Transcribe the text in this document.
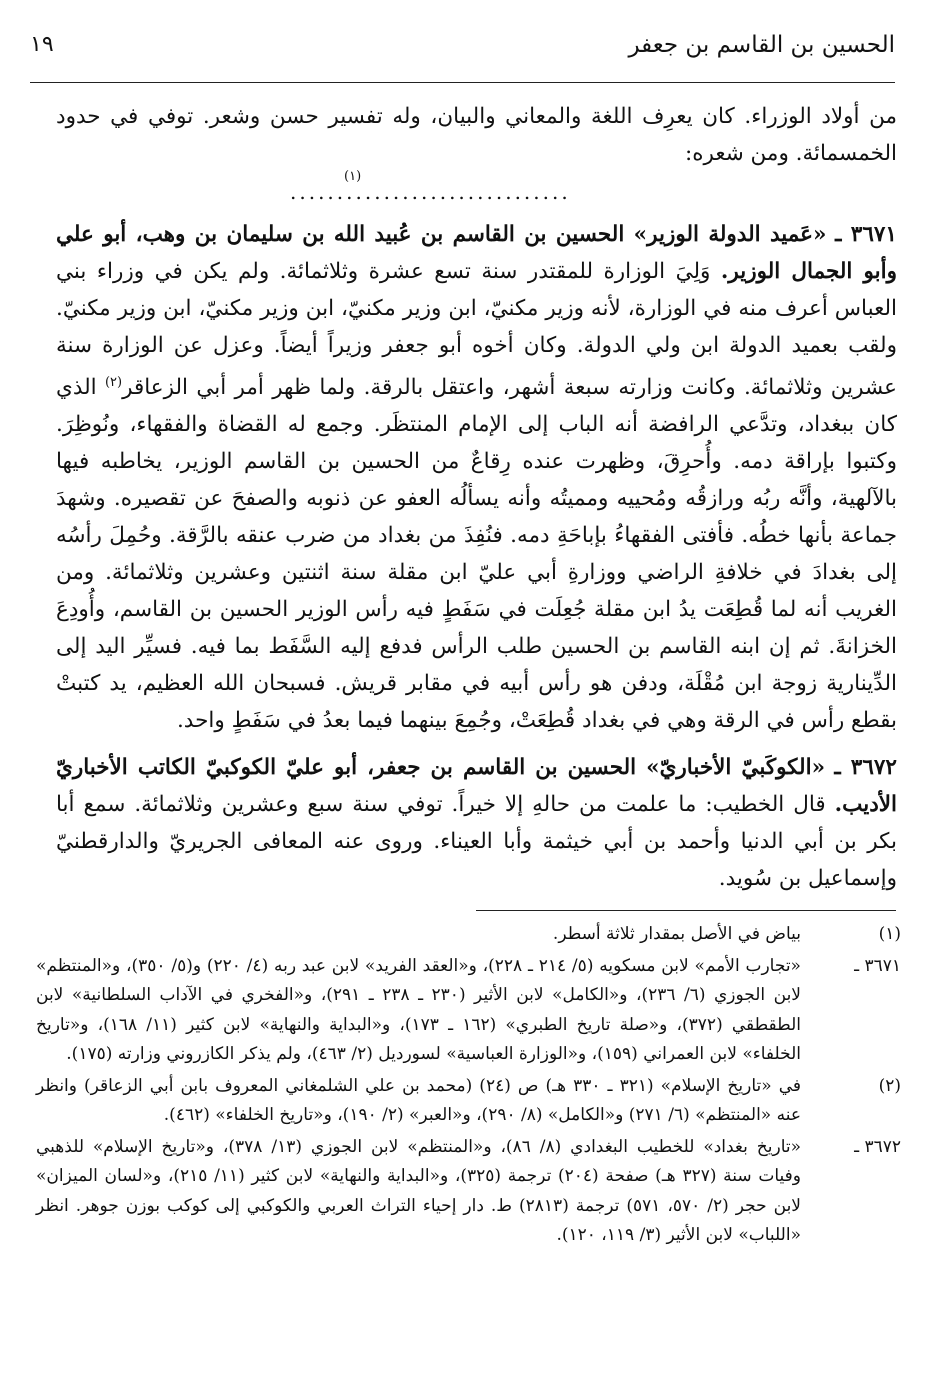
الحسين بن القاسم بن جعفر
١٩

من أولاد الوزراء. كان يعرِف اللغة والمعاني والبيان، وله تفسير حسن وشعر. توفي في حدود الخمسمائة. ومن شعره:

..............................
(١)

٣٦٧١ ـ «عَميد الدولة الوزير» الحسين بن القاسم بن عُبيد الله بن سليمان بن وهب، أبو علي وأبو الجمال الوزير. وَلِيَ الوزارة للمقتدر سنة تسع عشرة وثلاثمائة. ولم يكن في وزراء بني العباس أعرف منه في الوزارة، لأنه وزير مكنيّ، ابن وزير مكنيّ، ابن وزير مكنيّ، ابن وزير مكنيّ. ولقب بعميد الدولة ابن ولي الدولة. وكان أخوه أبو جعفر وزيراً أيضاً. وعزل عن الوزارة سنة عشرين وثلاثمائة. وكانت وزارته سبعة أشهر، واعتقل بالرقة. ولما ظهر أمر أبي الزعاقر$^{(٢)}$ الذي كان ببغداد، وتدَّعي الرافضة أنه الباب إلى الإمام المنتظَر. وجمع له القضاة والفقهاء، ونُوظِرَ. وكتبوا بإراقة دمه. وأُحرِقَ، وظهرت عنده رِقاعٌ من الحسين بن القاسم الوزير، يخاطبه فيها بالآلهية، وأنَّه ربُه ورازقُه ومُحييه ومميتُه وأنه يسألُه العفو عن ذنوبه والصفحَ عن تقصيره. وشهدَ جماعة بأنها خطُه. فأفتى الفقهاءُ بإباحَةِ دمه. فنُفِذَ من بغداد من ضرب عنقه بالرَّقة. وحُمِلَ رأسُه إلى بغدادَ في خلافةِ الراضي ووزارةِ أبي عليّ ابن مقلة سنة اثنتين وعشرين وثلاثمائة. ومن الغريب أنه لما قُطِعَت يدُ ابن مقلة جُعِلَت في سَفَطٍ فيه رأس الوزير الحسين بن القاسم، وأُودِعَ الخزانةَ. ثم إن ابنه القاسم بن الحسين طلب الرأس فدفع إليه السَّفَط بما فيه. فسيِّر اليد إلى الدِّينارية زوجة ابن مُقْلَة، ودفن هو رأس أبيه في مقابر قريش. فسبحان الله العظيم، يد كتبتْ بقطع رأس في الرقة وهي في بغداد قُطِعَتْ، وجُمِعَ بينهما فيما بعدُ في سَفَطٍ واحد.

٣٦٧٢ ـ «الكوكَبيّ الأخباريّ» الحسين بن القاسم بن جعفر، أبو عليّ الكوكبيّ الكاتب الأخباريّ الأديب. قال الخطيب: ما علمت من حالهِ إلا خيراً. توفي سنة سبع وعشرين وثلاثمائة. سمع أبا بكر بن أبي الدنيا وأحمد بن أبي خيثمة وأبا العيناء. وروى عنه المعافى الجريريّ والدارقطنيّ وإسماعيل بن سُويد.

(١)
بياض في الأصل بمقدار ثلاثة أسطر.
٣٦٧١ ـ
«تجارب الأمم» لابن مسكويه (٥/ ٢١٤ ـ ٢٢٨)، و«العقد الفريد» لابن عبد ربه (٤/ ٢٢٠) و(٥/ ٣٥٠)، و«المنتظم» لابن الجوزي (٦/ ٢٣٦)، و«الكامل» لابن الأثير (٢٣٠ ـ ٢٣٨ ـ ٢٩١)، و«الفخري في الآداب السلطانية» لابن الطقطقي (٣٧٢)، و«صلة تاريخ الطبري» (١٦٢ ـ ١٧٣)، و«البداية والنهاية» لابن كثير (١١/ ١٦٨)، و«تاريخ الخلفاء» لابن العمراني (١٥٩)، و«الوزارة العباسية» لسورديل (٢/ ٤٦٣)، ولم يذكر الكازروني وزارته (١٧٥).
(٢)
في «تاريخ الإسلام» (٣٢١ ـ ٣٣٠ هـ) ص (٢٤) (محمد بن علي الشلمغاني المعروف بابن أبي الزعاقر) وانظر عنه «المنتظم» (٦/ ٢٧١) و«الكامل» (٨/ ٢٩٠)، و«العبر» (٢/ ١٩٠)، و«تاريخ الخلفاء» (٤٦٢).
٣٦٧٢ ـ
«تاريخ بغداد» للخطيب البغدادي (٨/ ٨٦)، و«المنتظم» لابن الجوزي (١٣/ ٣٧٨)، و«تاريخ الإسلام» للذهبي وفيات سنة (٣٢٧ هـ) صفحة (٢٠٤) ترجمة (٣٢٥)، و«البداية والنهاية» لابن كثير (١١/ ٢١٥)، و«لسان الميزان» لابن حجر (٢/ ٥٧٠، ٥٧١) ترجمة (٢٨١٣) ط. دار إحياء التراث العربي والكوكبي إلى كوكب بوزن جوهر. انظر «اللباب» لابن الأثير (٣/ ١١٩، ١٢٠).
